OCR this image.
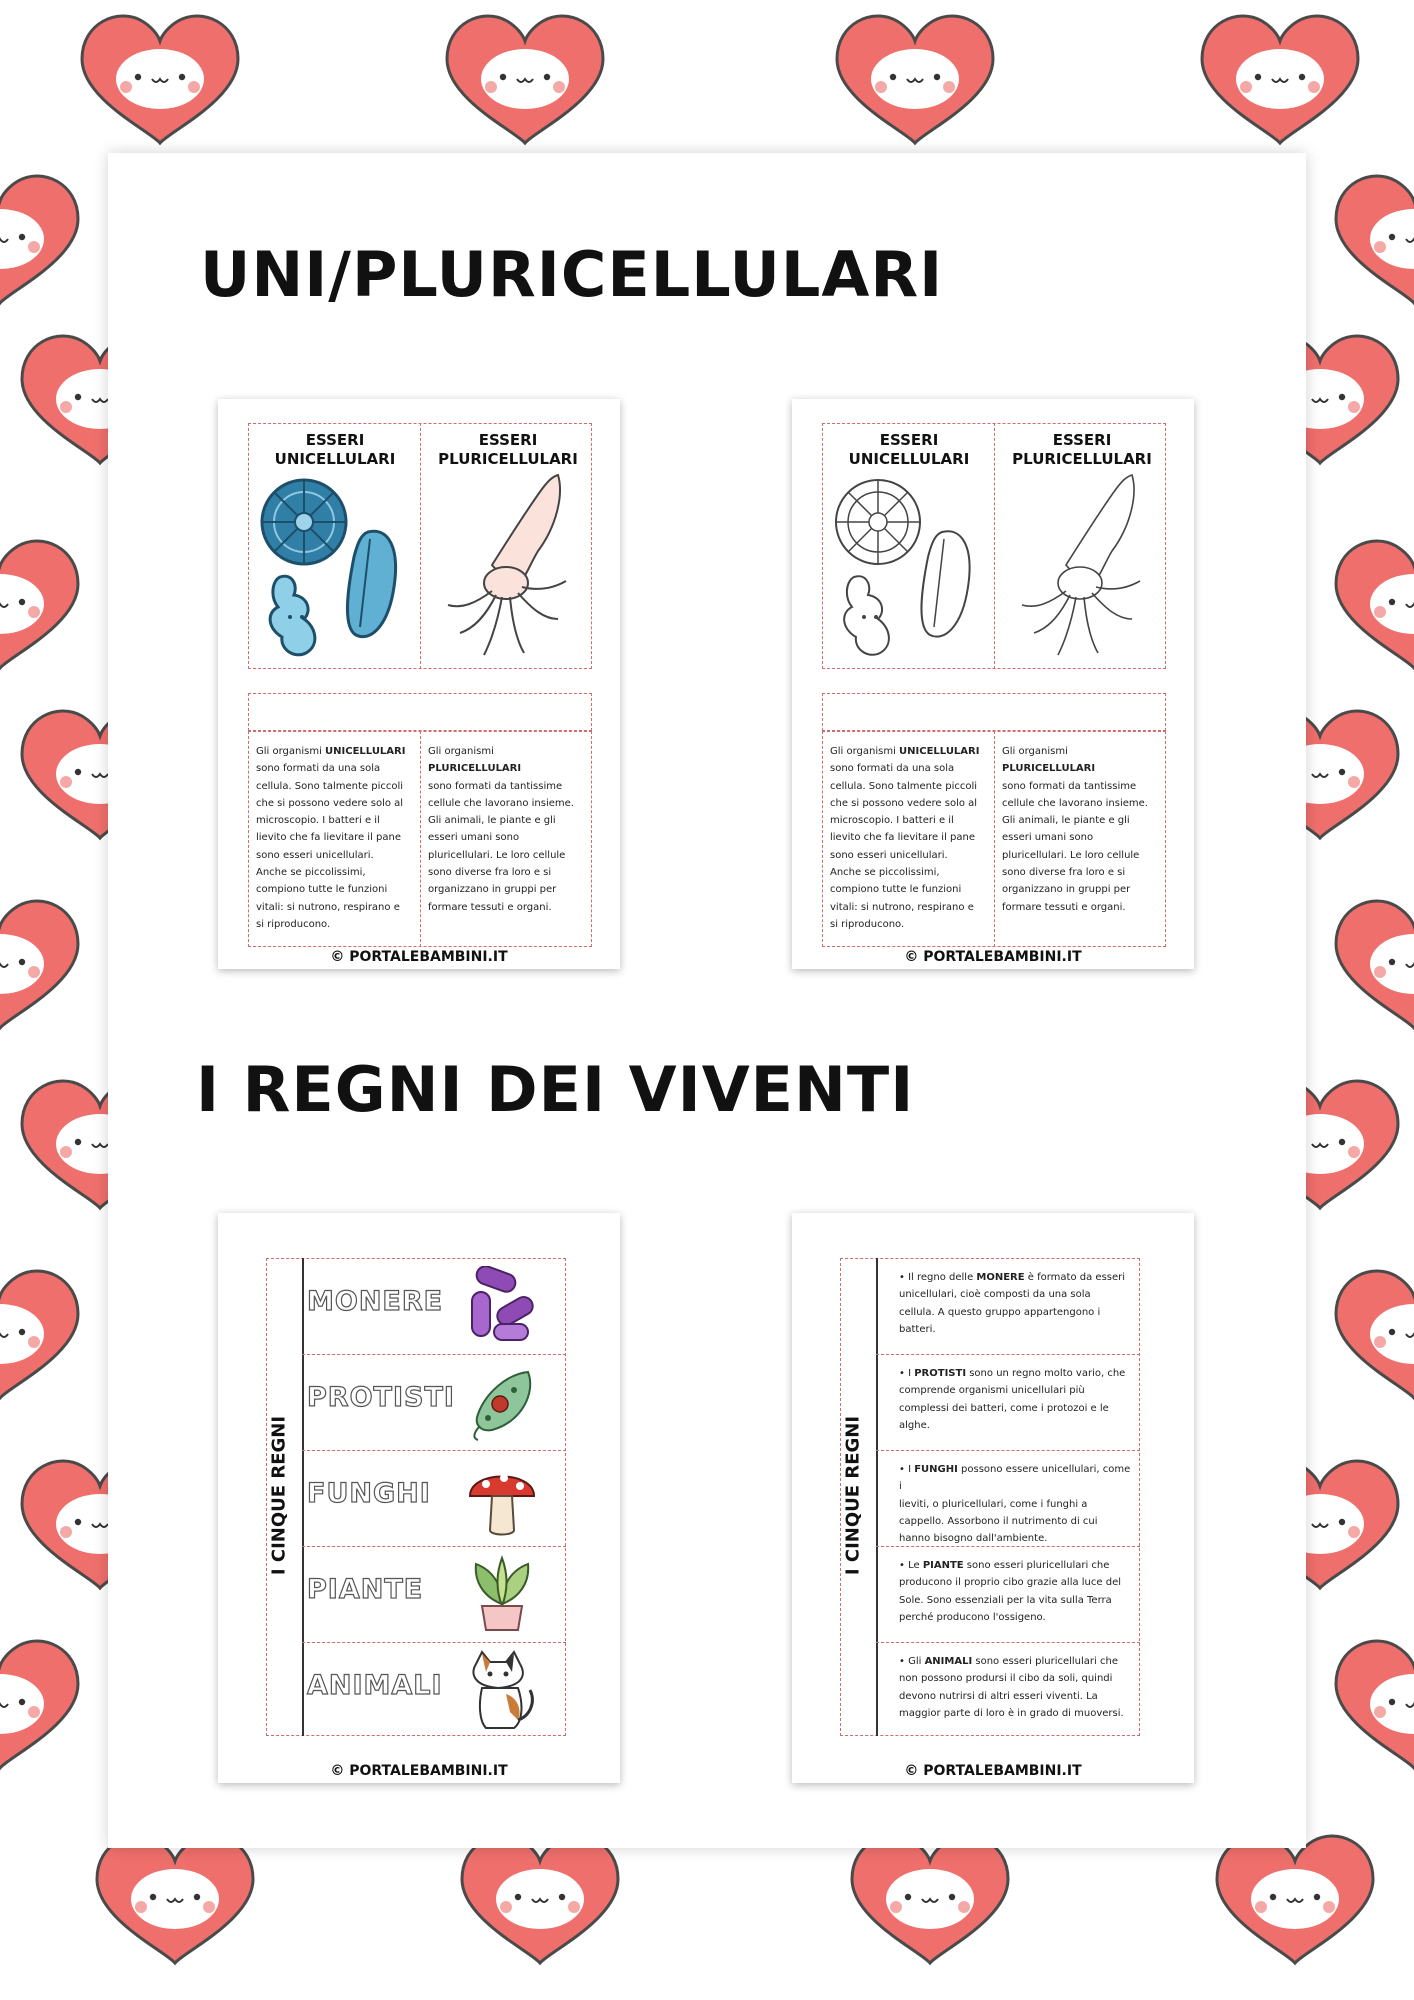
UNI/PLURICELLULARI
ESSERI UNICELLULARI
ESSERI PLURICELLULARI
Gli organismi UNICELLULARI
sono formati da una sola
cellula. Sono talmente piccoli
che si possono vedere solo al
microscopio. I batteri e il
lievito che fa lievitare il pane
sono esseri unicellulari.
Anche se piccolissimi,
compiono tutte le funzioni
vitali: si nutrono, respirano e
si riproducono.
Gli organismi PLURICELLULARI
sono formati da tantissime
cellule che lavorano insieme.
Gli animali, le piante e gli
esseri umani sono
pluricellulari. Le loro cellule
sono diverse fra loro e si
organizzano in gruppi per
formare tessuti e organi.
© PORTALEBAMBINI.IT
ESSERI UNICELLULARI
ESSERI PLURICELLULARI
Gli organismi UNICELLULARI
sono formati da una sola
cellula. Sono talmente piccoli
che si possono vedere solo al
microscopio. I batteri e il
lievito che fa lievitare il pane
sono esseri unicellulari.
Anche se piccolissimi,
compiono tutte le funzioni
vitali: si nutrono, respirano e
si riproducono.
Gli organismi PLURICELLULARI
sono formati da tantissime
cellule che lavorano insieme.
Gli animali, le piante e gli
esseri umani sono
pluricellulari. Le loro cellule
sono diverse fra loro e si
organizzano in gruppi per
formare tessuti e organi.
© PORTALEBAMBINI.IT
I REGNI DEI VIVENTI
I CINQUE REGNI
MONERE
PROTISTI
FUNGHI
PIANTE
ANIMALI
© PORTALEBAMBINI.IT
I CINQUE REGNI
• Il regno delle MONERE è formato da esseri
unicellulari, cioè composti da una sola
cellula. A questo gruppo appartengono i
batteri.
• I PROTISTI sono un regno molto vario, che
comprende organismi unicellulari più
complessi dei batteri, come i protozoi e le
alghe.
• I FUNGHI possono essere unicellulari, come i
lieviti, o pluricellulari, come i funghi a
cappello. Assorbono il nutrimento di cui
hanno bisogno dall'ambiente.
• Le PIANTE sono esseri pluricellulari che
producono il proprio cibo grazie alla luce del
Sole. Sono essenziali per la vita sulla Terra
perché producono l'ossigeno.
• Gli ANIMALI sono esseri pluricellulari che
non possono prodursi il cibo da soli, quindi
devono nutrirsi di altri esseri viventi. La
maggior parte di loro è in grado di muoversi.
© PORTALEBAMBINI.IT
